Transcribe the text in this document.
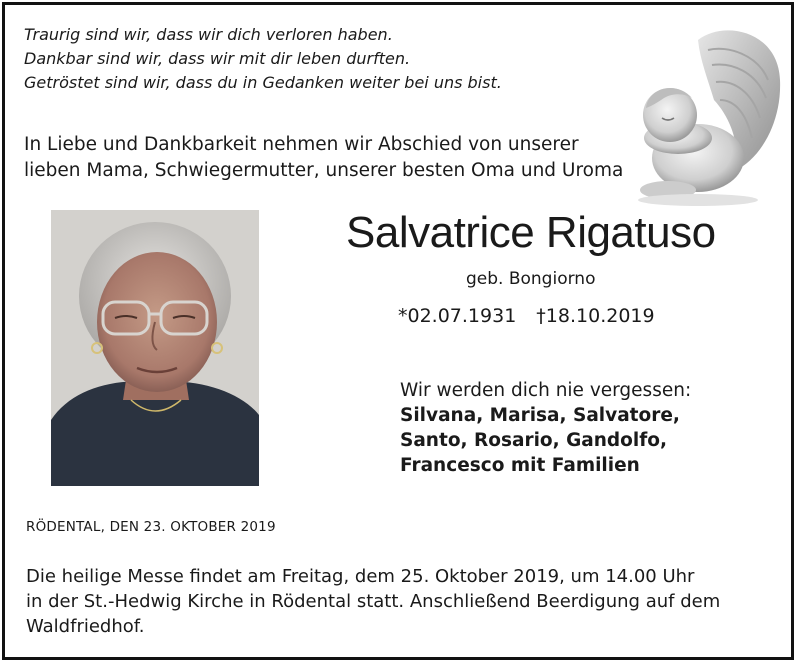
Traurig sind wir, dass wir dich verloren haben.
Dankbar sind wir, dass wir mit dir leben durften.
Getröstet sind wir, dass du in Gedanken weiter bei uns bist.
In Liebe und Dankbarkeit nehmen wir Abschied von unserer
lieben Mama, Schwiegermutter, unserer besten Oma und Uroma
Salvatrice Rigatuso
geb. Bongiorno
*02.07.1931 †18.10.2019
Wir werden dich nie vergessen:
Silvana, Marisa, Salvatore,
Santo, Rosario, Gandolfo,
Francesco mit Familien
RÖDENTAL, DEN 23. OKTOBER 2019
Die heilige Messe findet am Freitag, dem 25. Oktober 2019, um 14.00 Uhr
in der St.-Hedwig Kirche in Rödental statt. Anschließend Beerdigung auf dem
Waldfriedhof.
